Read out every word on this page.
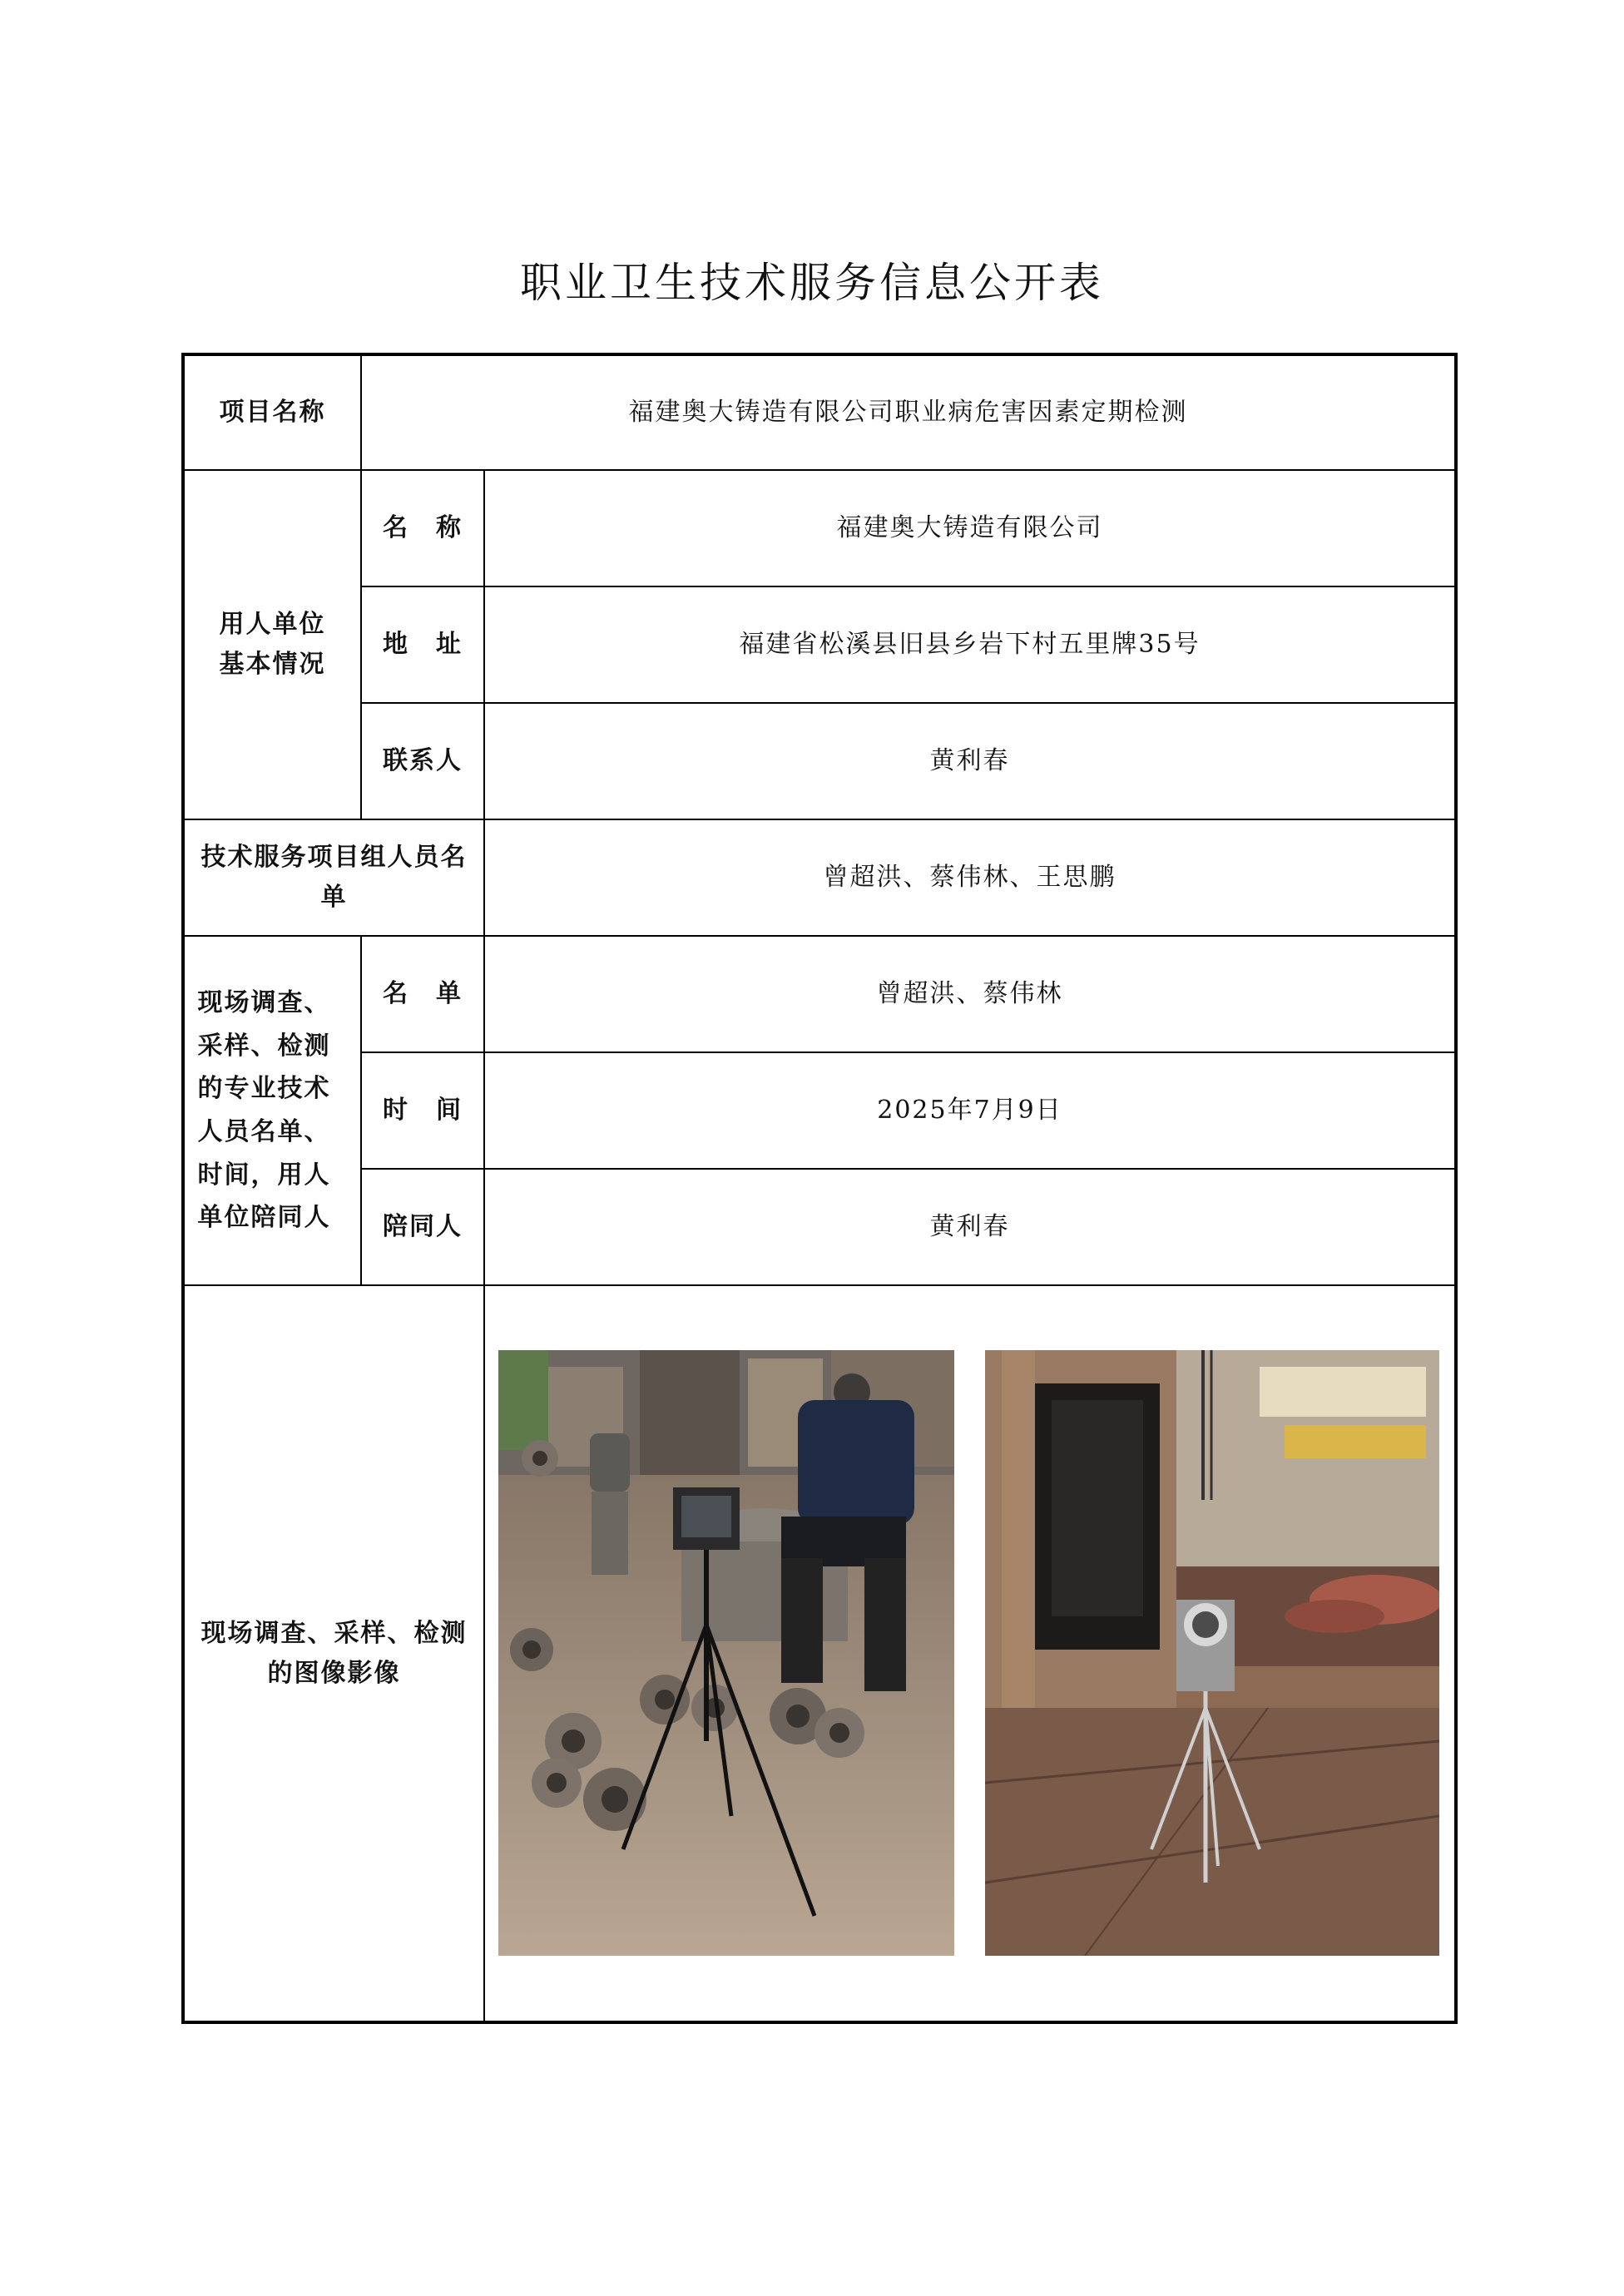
职业卫生技术服务信息公开表
项目名称	福建奥大铸造有限公司职业病危害因素定期检测	

用人单位基本情况	名　称	福建奥大铸造有限公司
	地　址	福建省松溪县旧县乡岩下村五里牌35号
	联系人	黄利春

技术服务项目组人员名单		曾超洪、蔡伟林、王思鹏

现场调查、采样、检测的专业技术人员名单、时间，用人单位陪同人	名　单	曾超洪、蔡伟林
	时　间	2025年7月9日
	陪同人	黄利春

现场调查、采样、检测的图像影像
